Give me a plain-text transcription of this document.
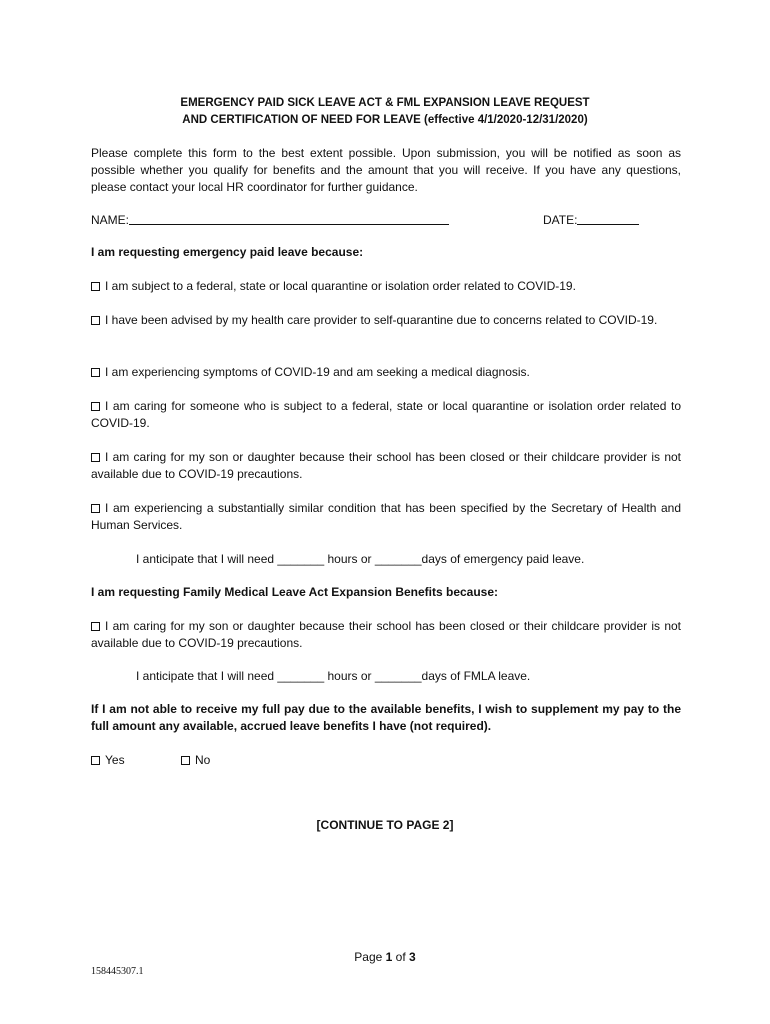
EMERGENCY PAID SICK LEAVE ACT & FML EXPANSION LEAVE REQUEST
AND CERTIFICATION OF NEED FOR LEAVE (effective 4/1/2020-12/31/2020)
Please complete this form to the best extent possible. Upon submission, you will be notified as soon as possible whether you qualify for benefits and the amount that you will receive. If you have any questions, please contact your local HR coordinator for further guidance.
NAME:	DATE:
I am requesting emergency paid leave because:
I am subject to a federal, state or local quarantine or isolation order related to COVID-19.
I have been advised by my health care provider to self-quarantine due to concerns related to COVID-19.
I am experiencing symptoms of COVID-19 and am seeking a medical diagnosis.
I am caring for someone who is subject to a federal, state or local quarantine or isolation order related to COVID-19.
I am caring for my son or daughter because their school has been closed or their childcare provider is not available due to COVID-19 precautions.
I am experiencing a substantially similar condition that has been specified by the Secretary of Health and Human Services.
I anticipate that I will need _______ hours or _______days of emergency paid leave.
I am requesting Family Medical Leave Act Expansion Benefits because:
I am caring for my son or daughter because their school has been closed or their childcare provider is not available due to COVID-19 precautions.
I anticipate that I will need _______ hours or _______days of FMLA leave.
If I am not able to receive my full pay due to the available benefits, I wish to supplement my pay to the full amount any available, accrued leave benefits I have (not required).
Yes	No
[CONTINUE TO PAGE 2]
Page 1 of 3
158445307.1
